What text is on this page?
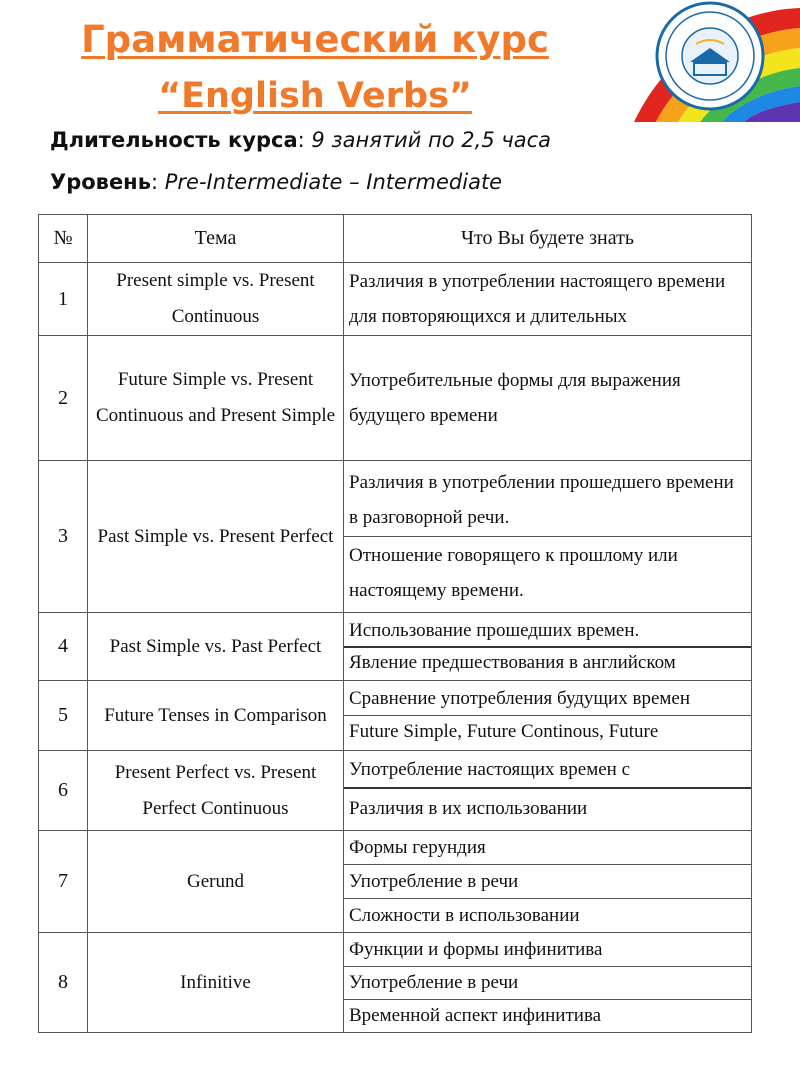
Грамматический курс
“English Verbs”
Длительность курса: 9 занятий по 2,5 часа
Уровень: Pre-Intermediate – Intermediate
№	Тема	Что Вы будете знать
1	Present simple vs. Present Continuous	Различия в употреблении настоящего времени для повторяющихся и длительных

2	Future Simple vs. Present Continuous and Present Simple	Употребительные формы для выражения будущего времени

3	Past Simple vs. Present Perfect	Различия в употреблении прошедшего времени в разговорной речи.
Отношение говорящего к прошлому или настоящему времени.

4	Past Simple vs. Past Perfect	Использование прошедших времен.
Явление предшествования в английском

5	Future Tenses in Comparison	Сравнение употребления будущих времен
Future Simple, Future Continous, Future

6	Present Perfect vs. Present Perfect Continuous	Употребление настоящих времен с
Различия в их использовании

7	Gerund	Формы герундия
Употребление в речи
Сложности в использовании

8	Infinitive	Функции и формы инфинитива
Употребление в речи
Временной аспект инфинитива
